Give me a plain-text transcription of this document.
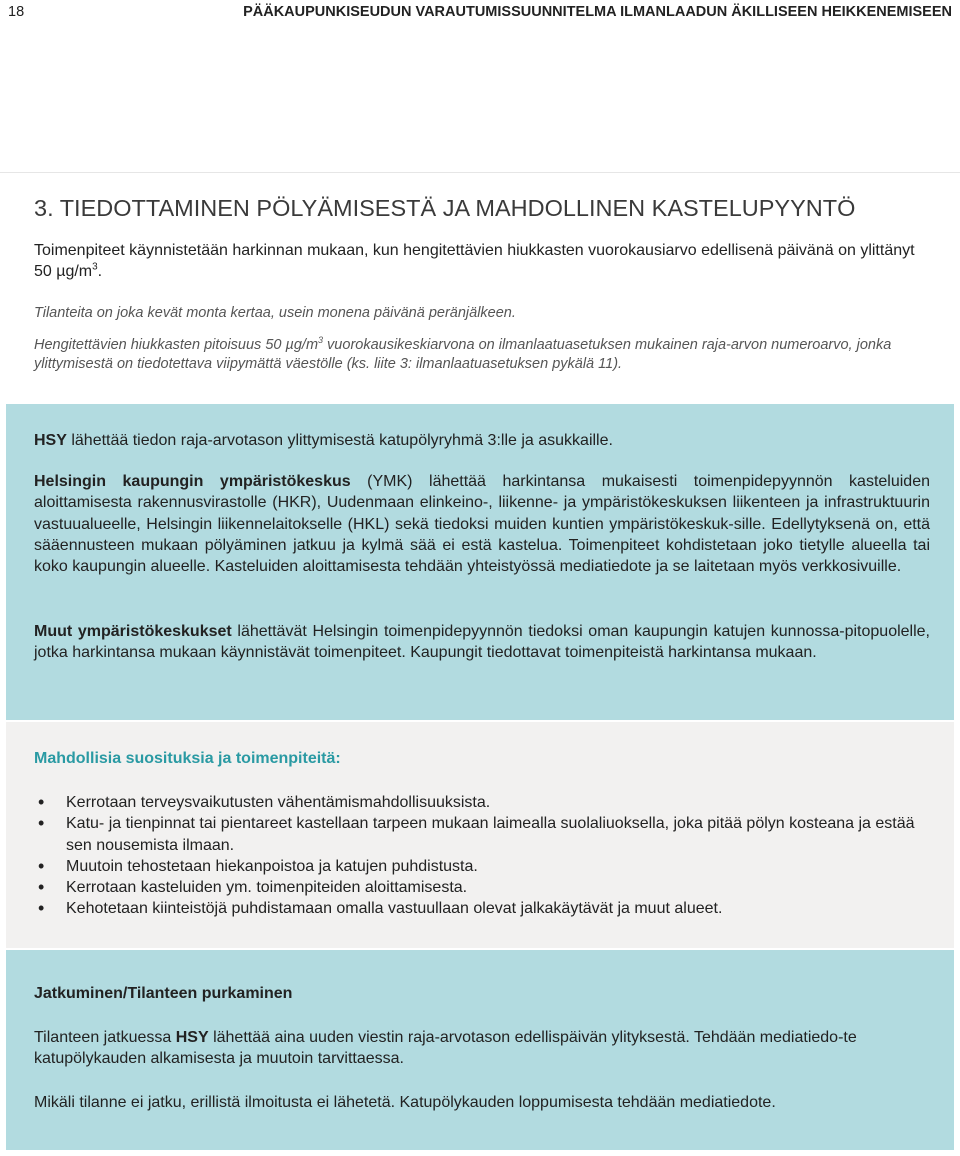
18	PÄÄKAUPUNKISEUDUN VARAUTUMISSUUNNITELMA ILMANLAADUN ÄKILLISEEN HEIKKENEMISEEN
3. TIEDOTTAMINEN PÖLYÄMISESTÄ JA MAHDOLLINEN KASTELUPYYNTÖ

Toimenpiteet käynnistetään harkinnan mukaan, kun hengitettävien hiukkasten vuorokausiarvo edellisenä päivänä on ylittänyt 50 $\mu g/m^3$.

Tilanteita on joka kevät monta kertaa, usein monena päivänä peränjälkeen.

Hengitettävien hiukkasten pitoisuus 50 $\mu g/m^3$ vuorokausikeskiarvona on ilmanlaatuasetuksen mukainen raja-arvon numeroarvo, jonka ylittymisestä on tiedotettava viipymättä väestölle (ks. liite 3: ilmanlaatuasetuksen pykälä 11).

HSY lähettää tiedon raja-arvotason ylittymisestä katupölyryhmä 3:lle ja asukkaille.

Helsingin kaupungin ympäristökeskus (YMK) lähettää harkintansa mukaisesti toimenpidepyynnön kasteluiden aloittamisesta rakennusvirastolle (HKR), Uudenmaan elinkeino-, liikenne- ja ympäristökeskuksen liikenteen ja infrastruktuurin vastuualueelle, Helsingin liikennelaitokselle (HKL) sekä tiedoksi muiden kuntien ympäristökeskuk-sille. Edellytyksenä on, että sääennusteen mukaan pölyäminen jatkuu ja kylmä sää ei estä kastelua. Toimenpiteet kohdistetaan joko tietylle alueella tai koko kaupungin alueelle. Kasteluiden aloittamisesta tehdään yhteistyössä mediatiedote ja se laitetaan myös verkkosivuille.

Muut ympäristökeskukset lähettävät Helsingin toimenpidepyynnön tiedoksi oman kaupungin katujen kunnossa-pitopuolelle, jotka harkintansa mukaan käynnistävät toimenpiteet. Kaupungit tiedottavat toimenpiteistä harkintansa mukaan.

Mahdollisia suosituksia ja toimenpiteitä:
• Kerrotaan terveysvaikutusten vähentämismahdollisuuksista.
• Katu- ja tienpinnat tai pientareet kastellaan tarpeen mukaan laimealla suolaliuoksella, joka pitää pölyn kosteana ja estää sen nousemista ilmaan.
• Muutoin tehostetaan hiekanpoistoa ja katujen puhdistusta.
• Kerrotaan kasteluiden ym. toimenpiteiden aloittamisesta.
• Kehotetaan kiinteistöjä puhdistamaan omalla vastuullaan olevat jalkakäytävät ja muut alueet.
Jatkuminen/Tilanteen purkaminen

Tilanteen jatkuessa HSY lähettää aina uuden viestin raja-arvotason edellispäivän ylityksestä. Tehdään mediatiedo-te katupölykauden alkamisesta ja muutoin tarvittaessa.

Mikäli tilanne ei jatku, erillistä ilmoitusta ei lähetetä. Katupölykauden loppumisesta tehdään mediatiedote.
